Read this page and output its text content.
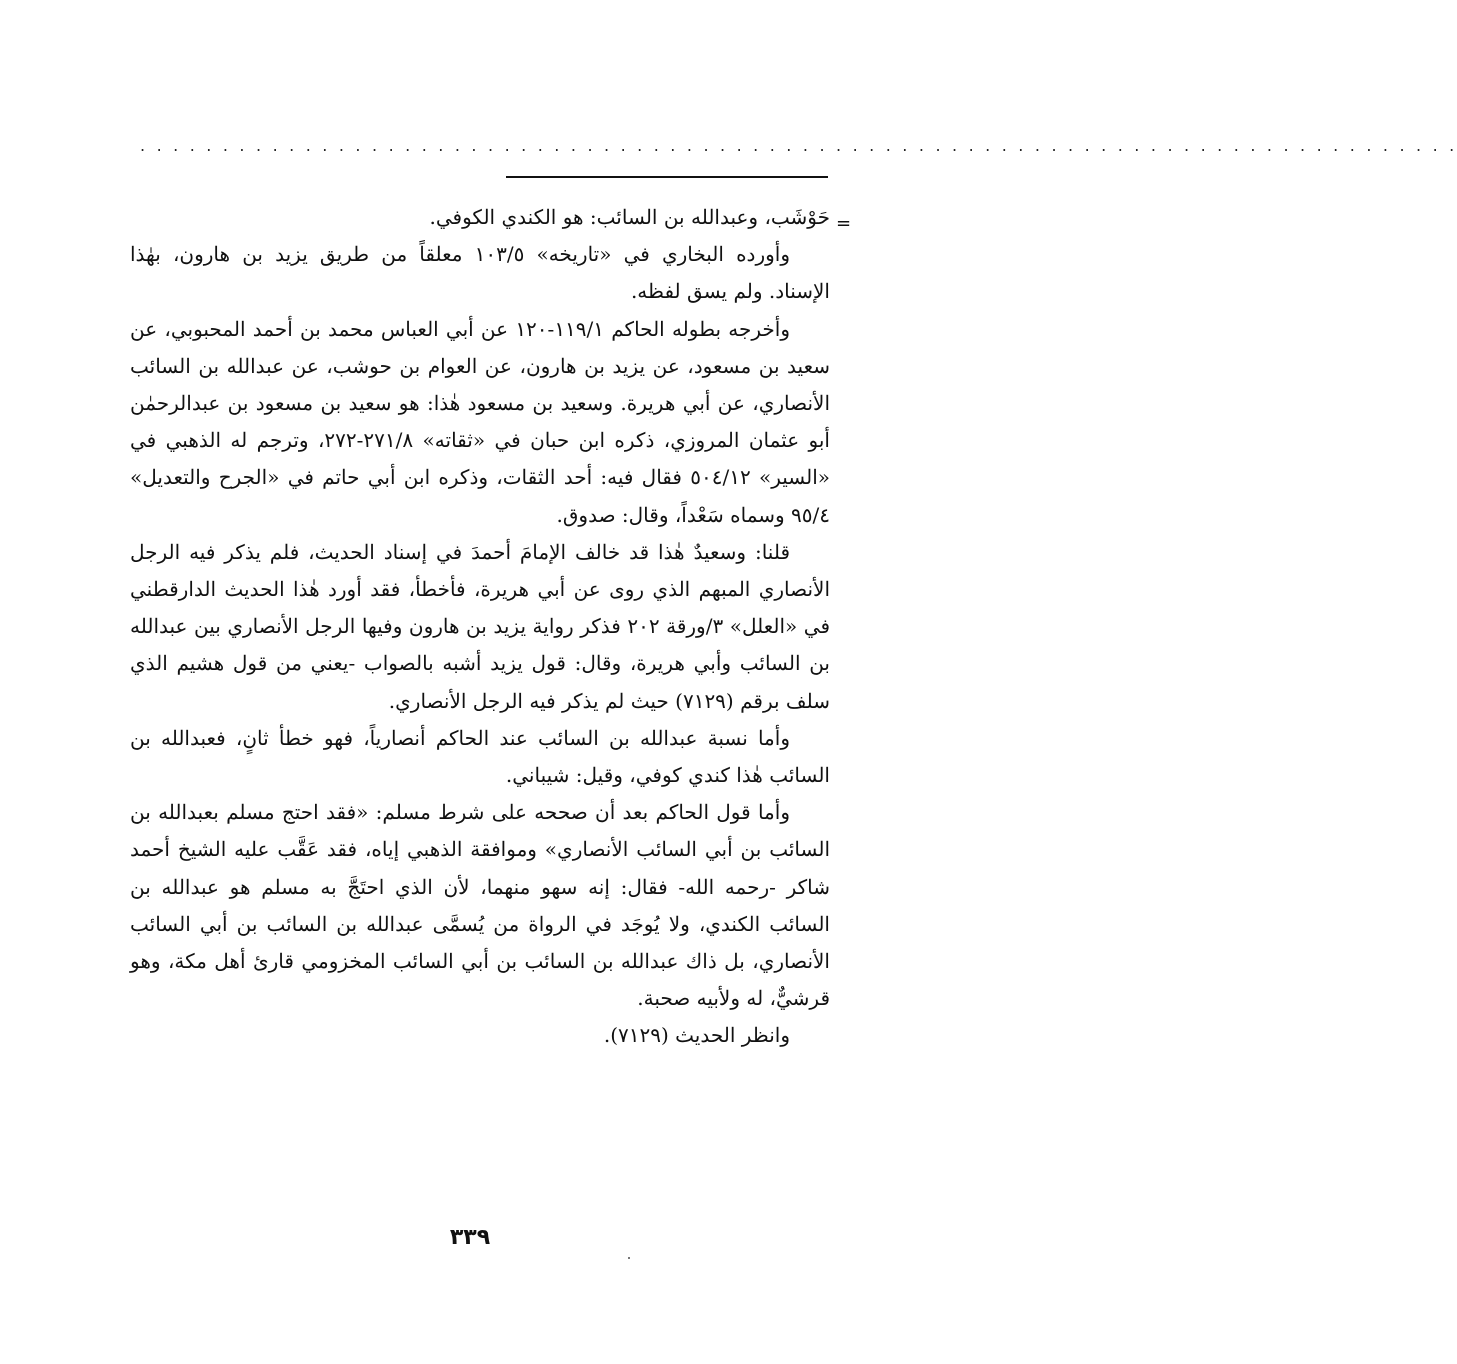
. . . . . . . . . . . . . . . . . . . . . . . . . . . . . . . . . . . . . . . . . . . . . . . . . . . . . . . . . . . . . . . . . . . . . . . . . . . . . . . .
=

حَوْشَب، وعبدالله بن السائب: هو الكندي الكوفي.

وأورده البخاري في «تاريخه» ١٠٣/٥ معلقاً من طريق يزيد بن هارون، بهٰذا الإسناد. ولم يسق لفظه.

وأخرجه بطوله الحاكم ١١٩/١-١٢٠ عن أبي العباس محمد بن أحمد المحبوبي، عن سعيد بن مسعود، عن يزيد بن هارون، عن العوام بن حوشب، عن عبدالله بن السائب الأنصاري، عن أبي هريرة. وسعيد بن مسعود هٰذا: هو سعيد بن مسعود بن عبدالرحمٰن أبو عثمان المروزي، ذكره ابن حبان في «ثقاته» ٢٧١/٨-٢٧٢، وترجم له الذهبي في «السير» ٥٠٤/١٢ فقال فيه: أحد الثقات، وذكره ابن أبي حاتم في «الجرح والتعديل» ٩٥/٤ وسماه سَعْداً، وقال: صدوق.

قلنا: وسعيدٌ هٰذا قد خالف الإمامَ أحمدَ في إسناد الحديث، فلم يذكر فيه الرجل الأنصاري المبهم الذي روى عن أبي هريرة، فأخطأ، فقد أورد هٰذا الحديث الدارقطني في «العلل» ٣/ورقة ٢٠٢ فذكر رواية يزيد بن هارون وفيها الرجل الأنصاري بين عبدالله بن السائب وأبي هريرة، وقال: قول يزيد أشبه بالصواب -يعني من قول هشيم الذي سلف برقم (٧١٢٩) حيث لم يذكر فيه الرجل الأنصاري.

وأما نسبة عبدالله بن السائب عند الحاكم أنصارياً، فهو خطأ ثانٍ، فعبدالله بن السائب هٰذا كندي كوفي، وقيل: شيباني.

وأما قول الحاكم بعد أن صححه على شرط مسلم: «فقد احتج مسلم بعبدالله بن السائب بن أبي السائب الأنصاري» وموافقة الذهبي إياه، فقد عَقَّب عليه الشيخ أحمد شاكر -رحمه الله- فقال: إنه سهو منهما، لأن الذي احتَجَّ به مسلم هو عبدالله بن السائب الكندي، ولا يُوجَد في الرواة من يُسمَّى عبدالله بن السائب بن أبي السائب الأنصاري، بل ذاك عبدالله بن السائب بن أبي السائب المخزومي قارئ أهل مكة، وهو قرشيٌّ، له ولأبيه صحبة.

وانظر الحديث (٧١٢٩).

٣٣٩
